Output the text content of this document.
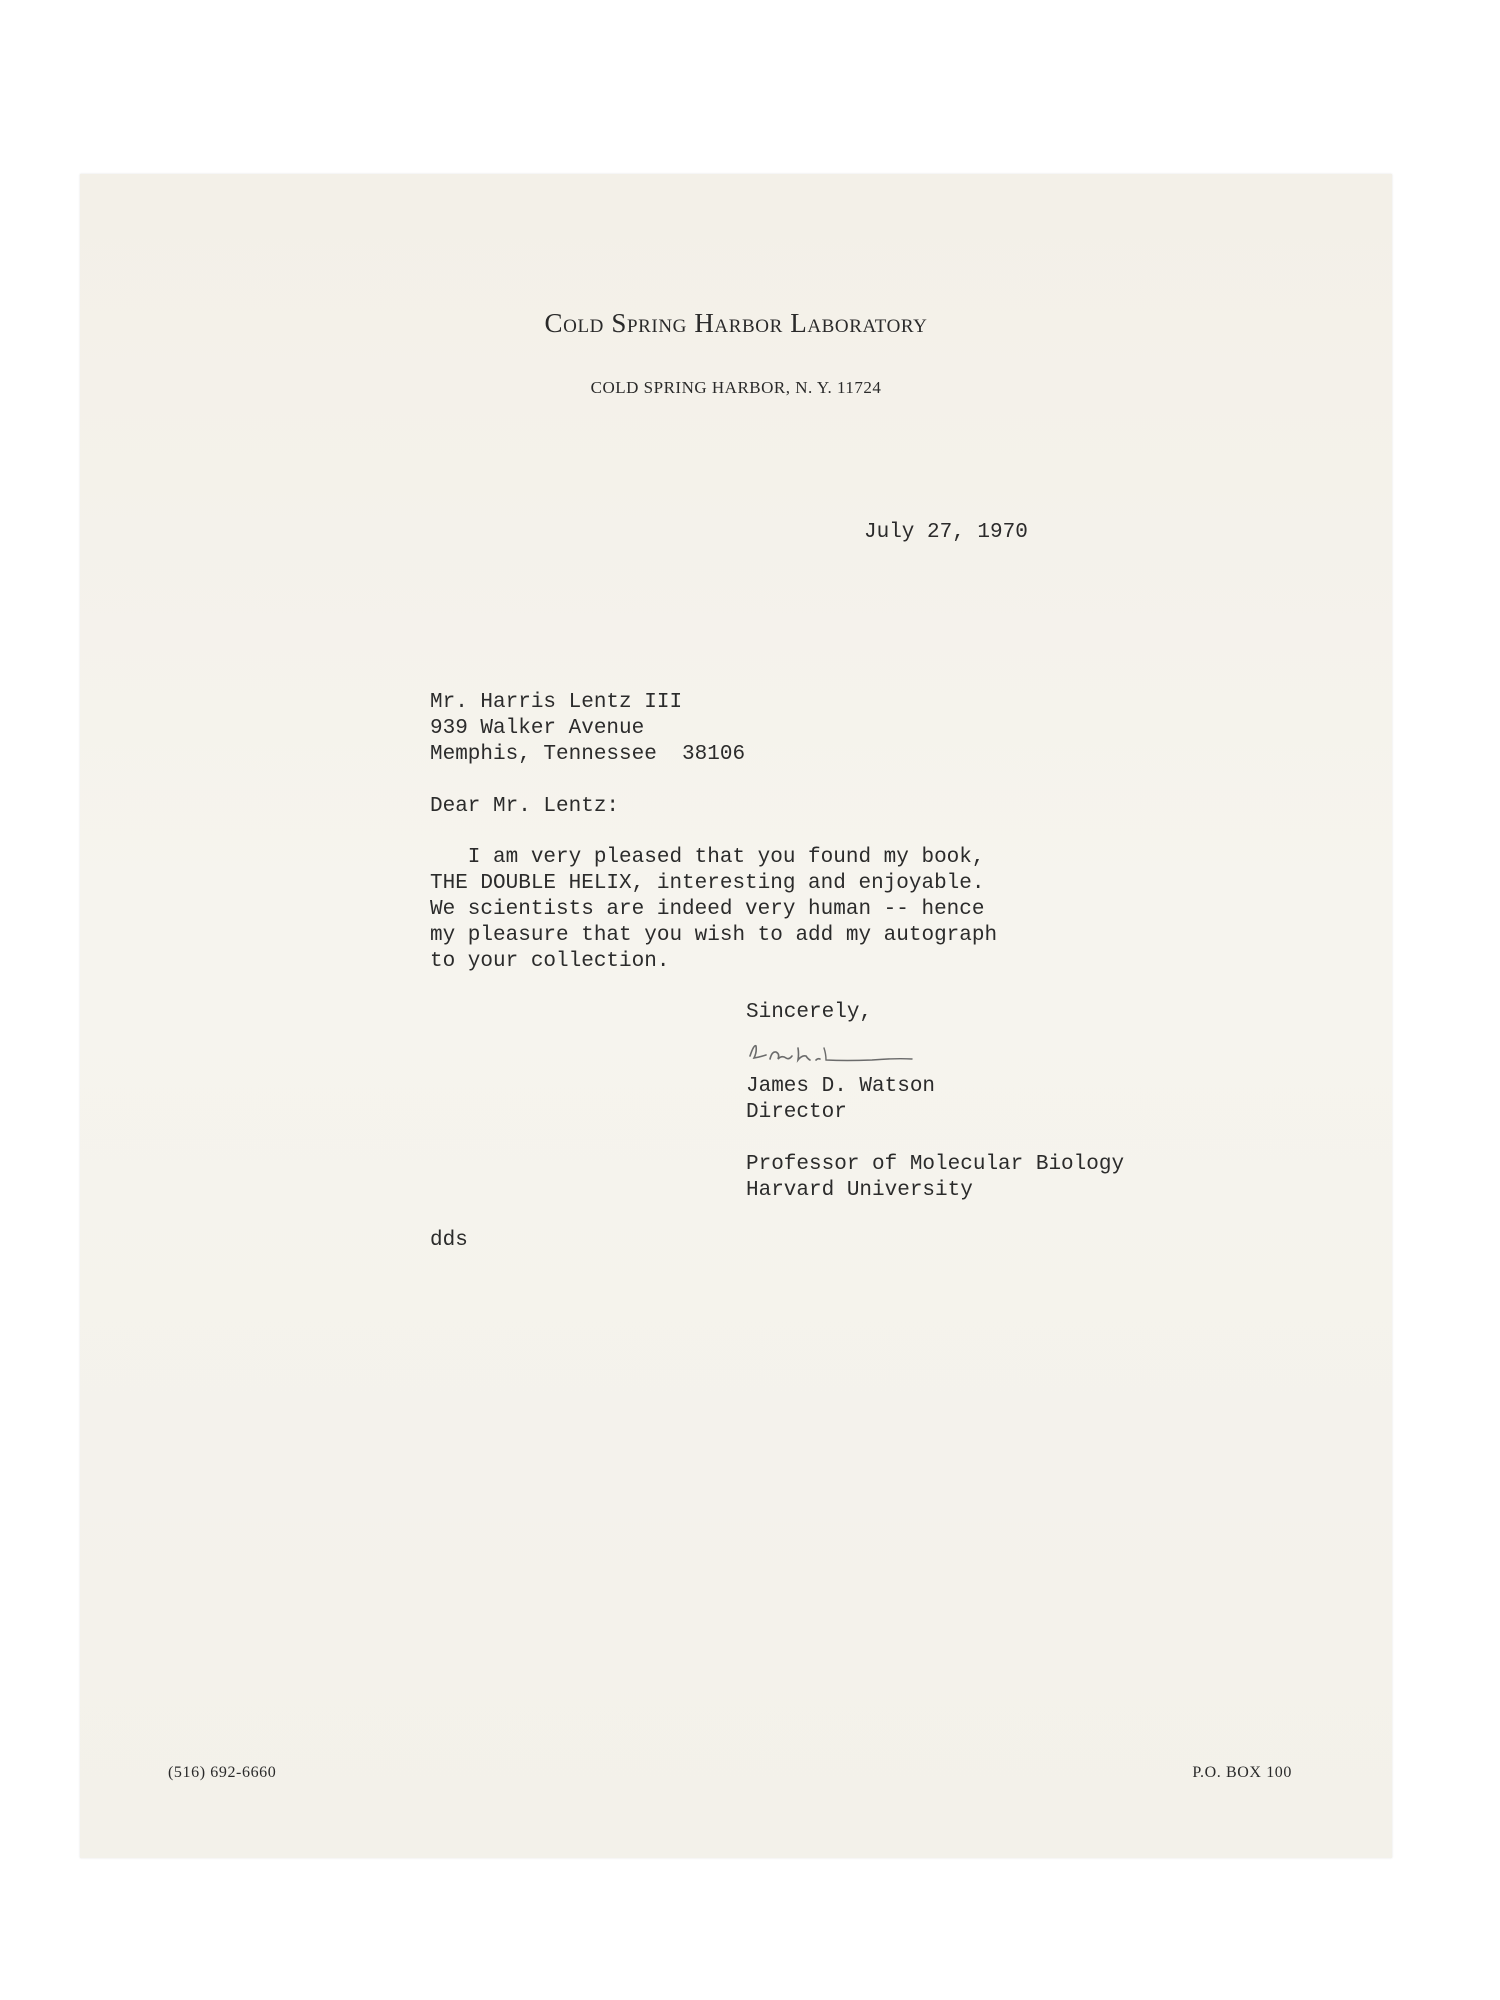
Cold Spring Harbor Laboratory
COLD SPRING HARBOR, N. Y. 11724
July 27, 1970
Mr. Harris Lentz III
939 Walker Avenue
Memphis, Tennessee  38106
Dear Mr. Lentz:
I am very pleased that you found my book,
THE DOUBLE HELIX, interesting and enjoyable.
We scientists are indeed very human -- hence
my pleasure that you wish to add my autograph
to your collection.
Sincerely,
James D. Watson
Director
Professor of Molecular Biology
Harvard University
dds
(516) 692-6660	P.O. BOX 100
